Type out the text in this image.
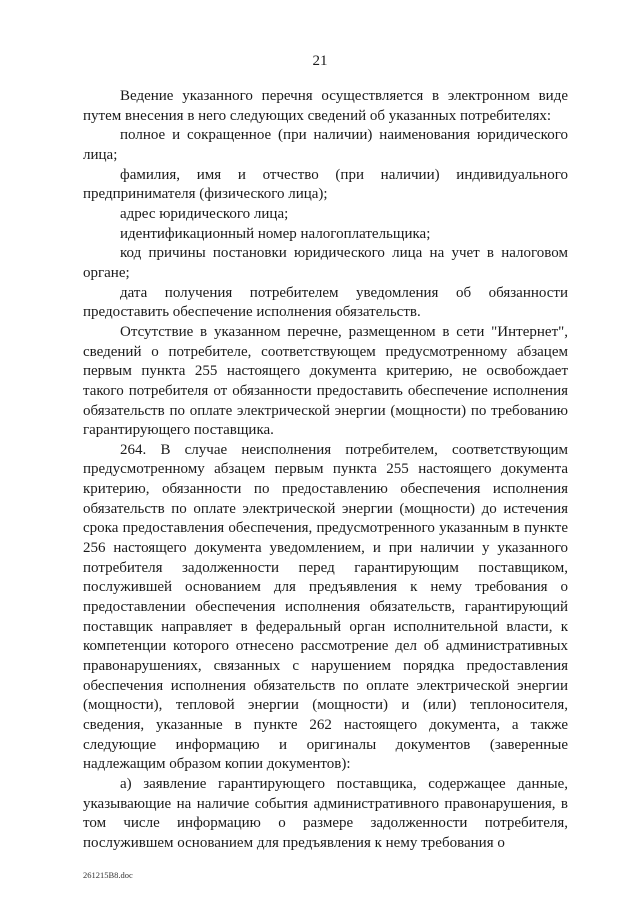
21

Ведение указанного перечня осуществляется в электронном виде путем внесения в него следующих сведений об указанных потребителях:

полное и сокращенное (при наличии) наименования юридического лица;

фамилия, имя и отчество (при наличии) индивидуального предпринимателя (физического лица);

адрес юридического лица;

идентификационный номер налогоплательщика;

код причины постановки юридического лица на учет в налоговом органе;

дата получения потребителем уведомления об обязанности предоставить обеспечение исполнения обязательств.

Отсутствие в указанном перечне, размещенном в сети "Интернет", сведений о потребителе, соответствующем предусмотренному абзацем первым пункта 255 настоящего документа критерию, не освобождает такого потребителя от обязанности предоставить обеспечение исполнения обязательств по оплате электрической энергии (мощности) по требованию гарантирующего поставщика.

264. В случае неисполнения потребителем, соответствующим предусмотренному абзацем первым пункта 255 настоящего документа критерию, обязанности по предоставлению обеспечения исполнения обязательств по оплате электрической энергии (мощности) до истечения срока предоставления обеспечения, предусмотренного указанным в пункте 256 настоящего документа уведомлением, и при наличии у указанного потребителя задолженности перед гарантирующим поставщиком, послужившей основанием для предъявления к нему требования о предоставлении обеспечения исполнения обязательств, гарантирующий поставщик направляет в федеральный орган исполнительной власти, к компетенции которого отнесено рассмотрение дел об административных правонарушениях, связанных с нарушением порядка предоставления обеспечения исполнения обязательств по оплате электрической энергии (мощности), тепловой энергии (мощности) и (или) теплоносителя, сведения, указанные в пункте 262 настоящего документа, а также следующие информацию и оригиналы документов (заверенные надлежащим образом копии документов):

а) заявление гарантирующего поставщика, содержащее данные, указывающие на наличие события административного правонарушения, в том числе информацию о размере задолженности потребителя, послужившем основанием для предъявления к нему требования о

261215B8.doc
